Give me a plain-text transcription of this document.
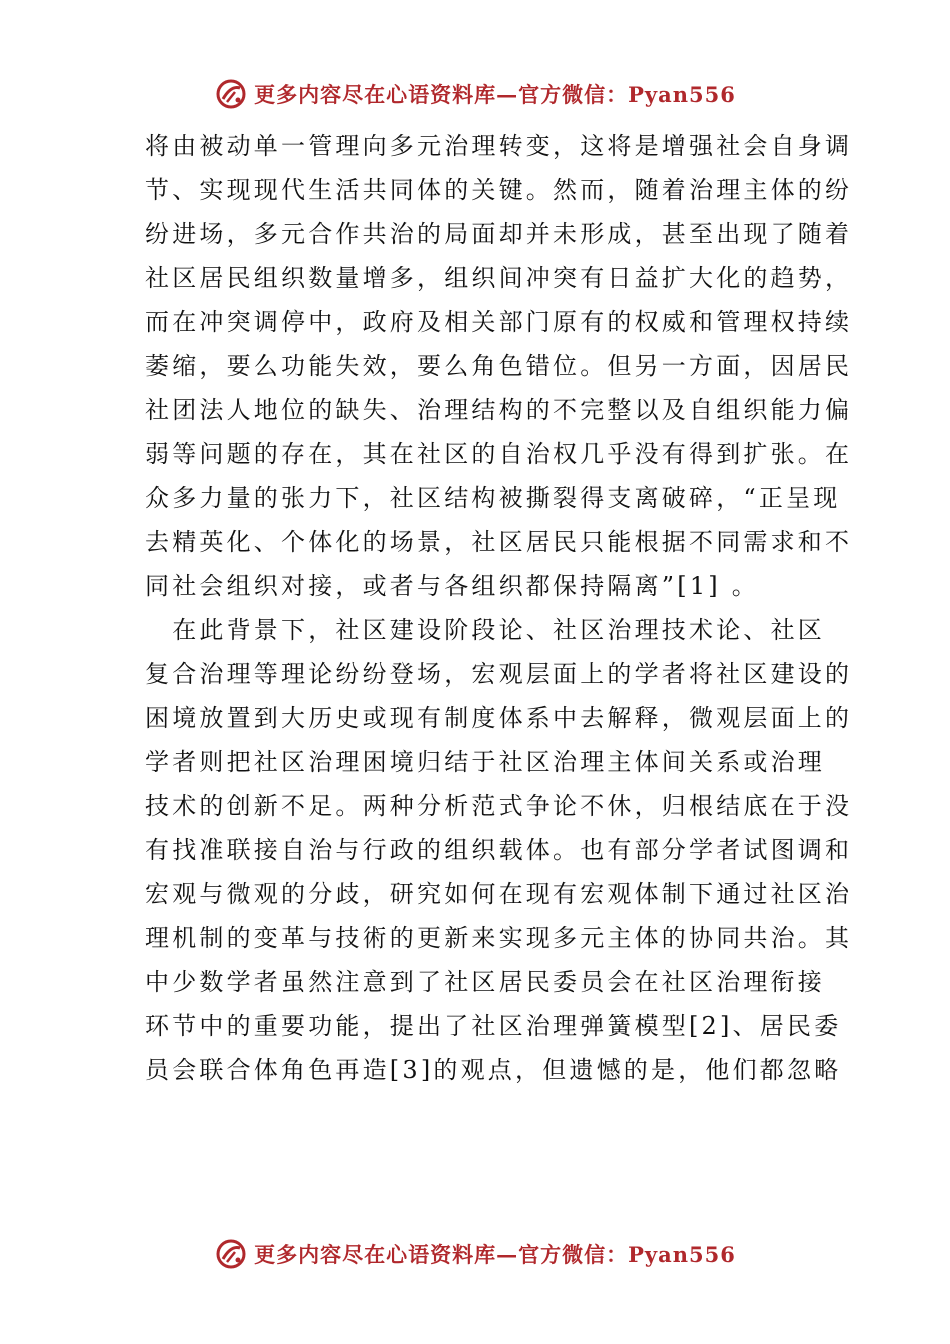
更多内容尽在心语资料库—官方微信：Pyan556
将由被动单一管理向多元治理转变，这将是增强社会自身调
节、实现现代生活共同体的关键。然而，随着治理主体的纷
纷进场，多元合作共治的局面却并未形成，甚至出现了随着
社区居民组织数量增多，组织间冲突有日益扩大化的趋势，
而在冲突调停中，政府及相关部门原有的权威和管理权持续
萎缩，要么功能失效，要么角色错位。但另一方面，因居民
社团法人地位的缺失、治理结构的不完整以及自组织能力偏
弱等问题的存在，其在社区的自治权几乎没有得到扩张。在
众多力量的张力下，社区结构被撕裂得支离破碎，“正呈现
去精英化、个体化的场景，社区居民只能根据不同需求和不
同社会组织对接，或者与各组织都保持隔离”[1] 。
　在此背景下，社区建设阶段论、社区治理技术论、社区
复合治理等理论纷纷登场，宏观层面上的学者将社区建设的
困境放置到大历史或现有制度体系中去解释，微观层面上的
学者则把社区治理困境归结于社区治理主体间关系或治理
技术的创新不足。两种分析范式争论不休，归根结底在于没
有找准联接自治与行政的组织载体。也有部分学者试图调和
宏观与微观的分歧，研究如何在现有宏观体制下通过社区治
理机制的变革与技術的更新来实现多元主体的协同共治。其
中少数学者虽然注意到了社区居民委员会在社区治理衔接
环节中的重要功能，提出了社区治理弹簧模型[2]、居民委
员会联合体角色再造[3]的观点，但遗憾的是，他们都忽略
更多内容尽在心语资料库—官方微信：Pyan556
